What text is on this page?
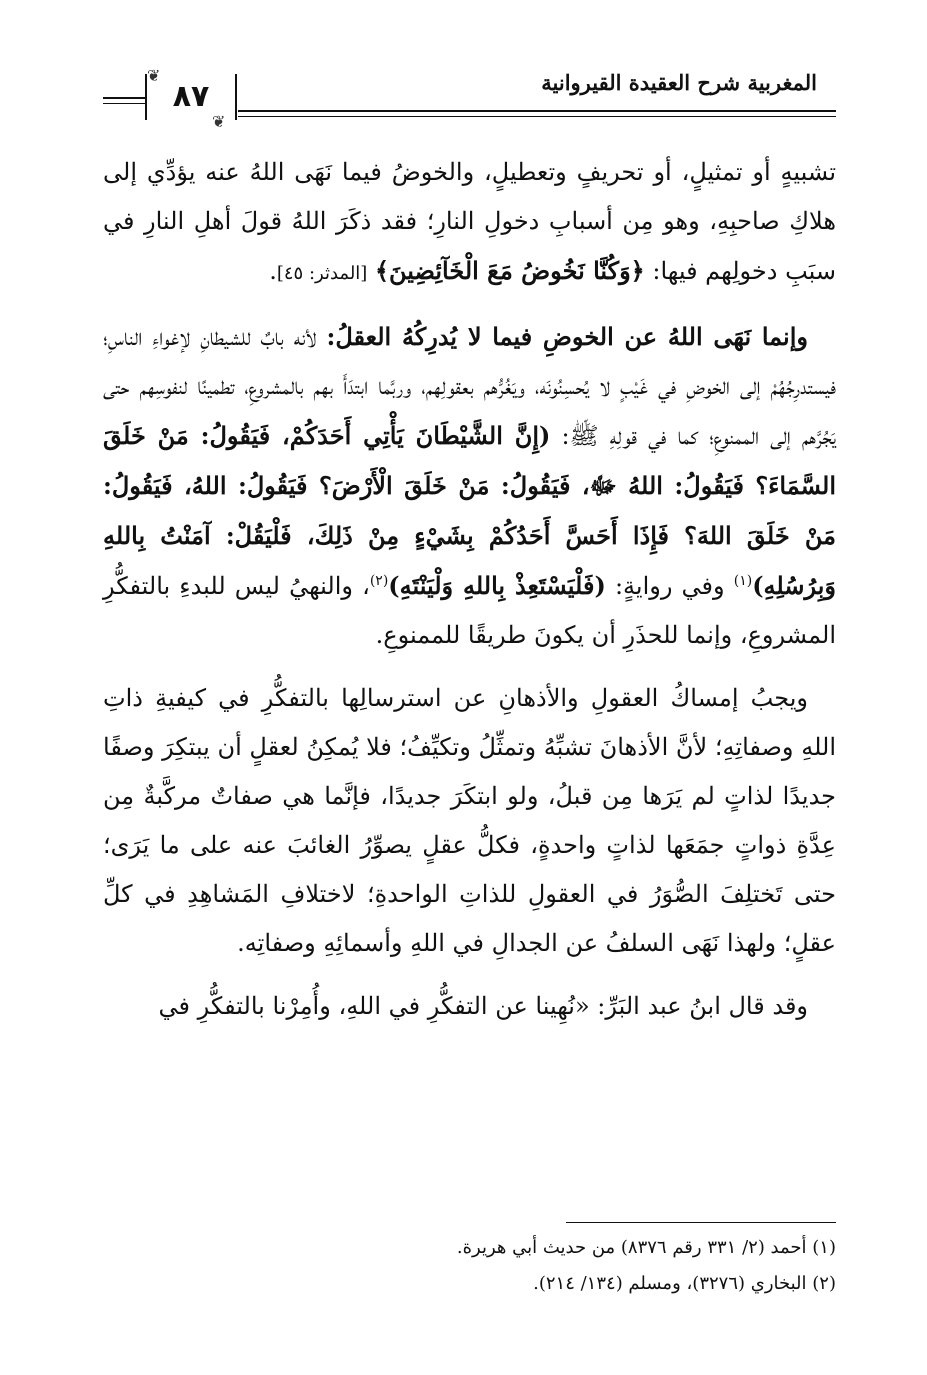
المغربية شرح العقيدة القيروانية
٨٧
❦
❦

تشبيهٍ أو تمثيلٍ، أو تحريفٍ وتعطيلٍ، والخوضُ فيما نَهَى اللهُ عنه يؤدِّي إلى هلاكِ صاحبِهِ، وهو مِن أسبابِ دخولِ النارِ؛ فقد ذكَرَ اللهُ قولَ أهلِ النارِ في سبَبِ دخولِهم فيها: ﴿وَكُنَّا نَخُوضُ مَعَ الْخَآئِضِينَ﴾ [المدثر: ٤٥].

وإنما نَهَى اللهُ عن الخوضِ فيما لا يُدرِكُهُ العقلُ: لأنه بابٌ للشيطانِ لإغواءِ الناسِ؛ فيستدرِجُهُمْ إلى الخوضِ في غَيْبٍ لا يُحسِنُونَه، ويَغُرُّهم بعقولِهم، وربَّما ابتدَأَ بهم بالمشروعِ، تطمينًا لنفوسِهم حتى يَجُرَّهم إلى الممنوعِ؛ كما في قولِهِ ﷺ: (إِنَّ الشَّيْطَانَ يَأْتِي أَحَدَكُمْ، فَيَقُولُ: مَنْ خَلَقَ السَّمَاءَ؟ فَيَقُولُ: اللهُ ﷻ، فَيَقُولُ: مَنْ خَلَقَ الْأَرْضَ؟ فَيَقُولُ: اللهُ، فَيَقُولُ: مَنْ خَلَقَ اللهَ؟ فَإِذَا أَحَسَّ أَحَدُكُمْ بِشَيْءٍ مِنْ ذَلِكَ، فَلْيَقُلْ: آمَنْتُ بِاللهِ وَبِرُسُلِهِ)$^{(١)}$ وفي روايةٍ: (فَلْيَسْتَعِذْ بِاللهِ وَلْيَنْتَهِ)$^{(٢)}$، والنهيُ ليس للبدءِ بالتفكُّرِ المشروعِ، وإنما للحذَرِ أن يكونَ طريقًا للممنوعِ.

ويجبُ إمساكُ العقولِ والأذهانِ عن استرسالِها بالتفكُّرِ في كيفيةِ ذاتِ اللهِ وصفاتِهِ؛ لأنَّ الأذهانَ تشبِّهُ وتمثِّلُ وتكيِّفُ؛ فلا يُمكِنُ لعقلٍ أن يبتكِرَ وصفًا جديدًا لذاتٍ لم يَرَها مِن قبلُ، ولو ابتكَرَ جديدًا، فإنَّما هي صفاتٌ مركَّبةٌ مِن عِدَّةِ ذواتٍ جمَعَها لذاتٍ واحدةٍ، فكلُّ عقلٍ يصوِّرُ الغائبَ عنه على ما يَرَى؛ حتى تَختلِفَ الصُّوَرُ في العقولِ للذاتِ الواحدةِ؛ لاختلافِ المَشاهِدِ في كلِّ عقلٍ؛ ولهذا نَهَى السلفُ عن الجدالِ في اللهِ وأسمائِهِ وصفاتِه.

وقد قال ابنُ عبد البَرِّ: «نُهِينا عن التفكُّرِ في اللهِ، وأُمِرْنا بالتفكُّرِ في

(١) أحمد (٢/ ٣٣١ رقم ٨٣٧٦) من حديث أبي هريرة.

(٢) البخاري (٣٢٧٦)، ومسلم (١٣٤/ ٢١٤).
